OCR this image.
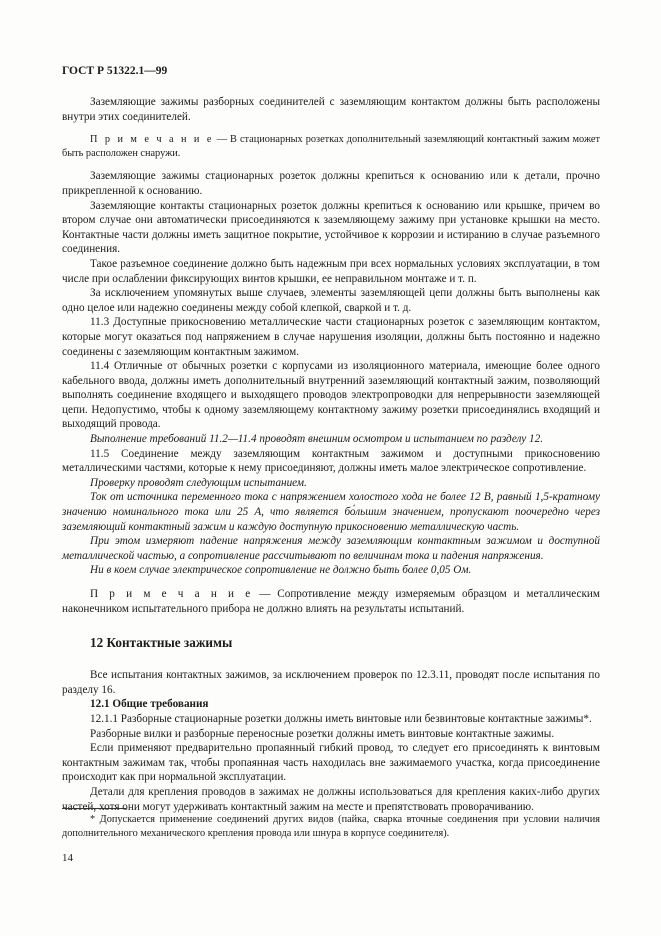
ГОСТ Р 51322.1—99

Заземляющие зажимы разборных соединителей с заземляющим контактом должны быть расположены внутри этих соединителей.

П р и м е ч а н и е — В стационарных розетках дополнительный заземляющий контактный зажим может быть расположен снаружи.

Заземляющие зажимы стационарных розеток должны крепиться к основанию или к детали, прочно прикрепленной к основанию.

Заземляющие контакты стационарных розеток должны крепиться к основанию или крышке, причем во втором случае они автоматически присоединяются к заземляющему зажиму при установке крышки на место. Контактные части должны иметь защитное покрытие, устойчивое к коррозии и истиранию в случае разъемного соединения.

Такое разъемное соединение должно быть надежным при всех нормальных условиях эксплуатации, в том числе при ослаблении фиксирующих винтов крышки, ее неправильном монтаже и т. п.

За исключением упомянутых выше случаев, элементы заземляющей цепи должны быть выполнены как одно целое или надежно соединены между собой клепкой, сваркой и т. д.

11.3 Доступные прикосновению металлические части стационарных розеток с заземляющим контактом, которые могут оказаться под напряжением в случае нарушения изоляции, должны быть постоянно и надежно соединены с заземляющим контактным зажимом.

11.4 Отличные от обычных розетки с корпусами из изоляционного материала, имеющие более одного кабельного ввода, должны иметь дополнительный внутренний заземляющий контактный зажим, позволяющий выполнять соединение входящего и выходящего проводов электропроводки для непрерывности заземляющей цепи. Недопустимо, чтобы к одному заземляющему контактному зажиму розетки присоединялись входящий и выходящий провода.

Выполнение требований 11.2—11.4 проводят внешним осмотром и испытанием по разделу 12.

11.5 Соединение между заземляющим контактным зажимом и доступными прикосновению металлическими частями, которые к нему присоединяют, должны иметь малое электрическое сопротивление.

Проверку проводят следующим испытанием.

Ток от источника переменного тока с напряжением холостого хода не более 12 В, равный 1,5-кратному значению номинального тока или 25 А, что является бо́льшим значением, пропускают поочередно через заземляющий контактный зажим и каждую доступную прикосновению металлическую часть.

При этом измеряют падение напряжения между заземляющим контактным зажимом и доступной металлической частью, а сопротивление рассчитывают по величинам тока и падения напряжения.

Ни в коем случае электрическое сопротивление не должно быть более 0,05 Ом.

П р и м е ч а н и е — Сопротивление между измеряемым образцом и металлическим наконечником испытательного прибора не должно влиять на результаты испытаний.

12 Контактные зажимы

Все испытания контактных зажимов, за исключением проверок по 12.3.11, проводят после испытания по разделу 16.

12.1 Общие требования

12.1.1 Разборные стационарные розетки должны иметь винтовые или безвинтовые контактные зажимы*.

Разборные вилки и разборные переносные розетки должны иметь винтовые контактные зажимы.

Если применяют предварительно пропаянный гибкий провод, то следует его присоединять к винтовым контактным зажимам так, чтобы пропаянная часть находилась вне зажимаемого участка, когда присоединение происходит как при нормальной эксплуатации.

Детали для крепления проводов в зажимах не должны использоваться для крепления каких-либо других частей, хотя они могут удерживать контактный зажим на месте и препятствовать проворачиванию.

* Допускается применение соединений других видов (пайка, сварка вточные соединения при условии наличия дополнительного механического крепления провода или шнура в корпусе соединителя).

14
